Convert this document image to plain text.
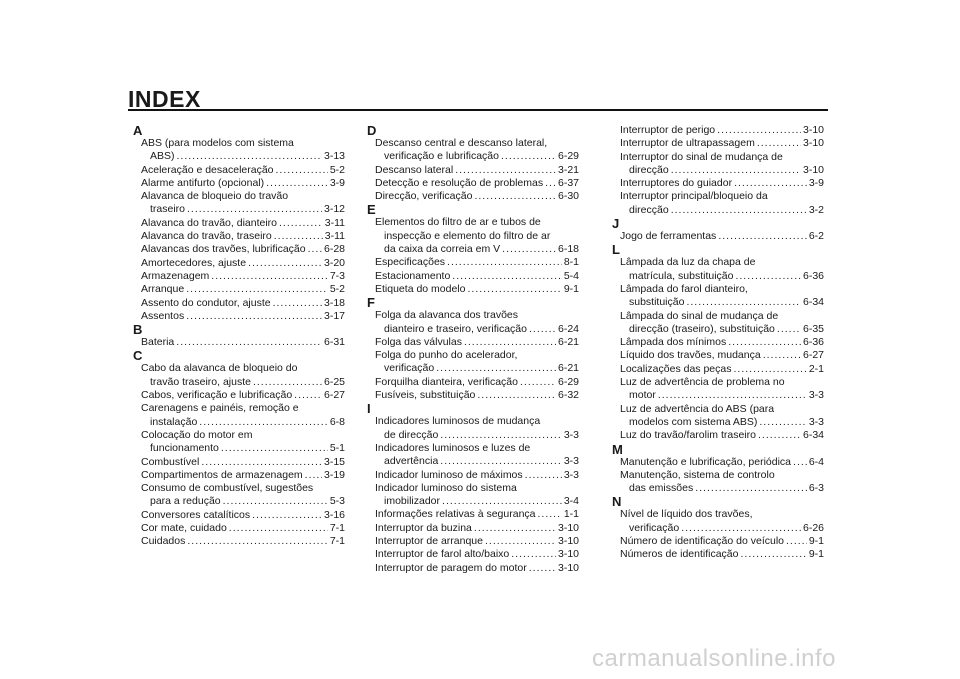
INDEX
A
ABS (para modelos com sistema
ABS) .....	3-13
Aceleração e desaceleração .....	5-2
Alarme antifurto (opcional) .....	3-9
Alavanca de bloqueio do travão
traseiro .....	3-12
Alavanca do travão, dianteiro .....	3-11
Alavanca do travão, traseiro .....	3-11
Alavancas dos travões, lubrificação ..... 6-28
Amortecedores, ajuste .....	3-20
Armazenagem .....	7-3
Arranque .....	5-2
Assento do condutor, ajuste .....	3-18
Assentos .....	3-17
B
Bateria .....	6-31
C
Cabo da alavanca de bloqueio do
travão traseiro, ajuste .....	6-25
Cabos, verificação e lubrificação .....	6-27
Carenagens e painéis, remoção e
instalação .....	6-8
Colocação do motor em
funcionamento .....	5-1
Combustível .....	3-15
Compartimentos de armazenagem ..... 3-19
Consumo de combustível, sugestões
para a redução .....	5-3
Conversores catalíticos .....	3-16
Cor mate, cuidado .....	7-1
Cuidados .....	7-1
D
Descanso central e descanso lateral,
verificação e lubrificação .....	6-29
Descanso lateral .....	3-21
Detecção e resolução de problemas ..... 6-37
Direcção, verificação .....	6-30
E
Elementos do filtro de ar e tubos de
inspecção e elemento do filtro de ar
da caixa da correia em V .....	6-18
Especificações .....	8-1
Estacionamento .....	5-4
Etiqueta do modelo .....	9-1
F
Folga da alavanca dos travões
dianteiro e traseiro, verificação .....	6-24
Folga das válvulas .....	6-21
Folga do punho do acelerador,
verificação .....	6-21
Forquilha dianteira, verificação .....	6-29
Fusíveis, substituição .....	6-32
I
Indicadores luminosos de mudança
de direcção .....	3-3
Indicadores luminosos e luzes de
advertência .....	3-3
Indicador luminoso de máximos .....	3-3
Indicador luminoso do sistema
imobilizador .....	3-4
Informações relativas à segurança .....	1-1
Interruptor da buzina .....	3-10
Interruptor de arranque .....	3-10
Interruptor de farol alto/baixo .....	3-10
Interruptor de paragem do motor .....	3-10
Interruptor de perigo .....	3-10
Interruptor de ultrapassagem .....	3-10
Interruptor do sinal de mudança de
direcção .....	3-10
Interruptores do guiador .....	3-9
Interruptor principal/bloqueio da
direcção .....	3-2
J
Jogo de ferramentas .....	6-2
L
Lâmpada da luz da chapa de
matrícula, substituição .....	6-36
Lâmpada do farol dianteiro,
substituição .....	6-34
Lâmpada do sinal de mudança de
direcção (traseiro), substituição .....	6-35
Lâmpada dos mínimos .....	6-36
Líquido dos travões, mudança .....	6-27
Localizações das peças .....	2-1
Luz de advertência de problema no
motor .....	3-3
Luz de advertência do ABS (para
modelos com sistema ABS) .....	3-3
Luz do travão/farolim traseiro .....	6-34
M
Manutenção e lubrificação, periódica ..... 6-4
Manutenção, sistema de controlo
das emissões .....	6-3
N
Nível de líquido dos travões,
verificação .....	6-26
Número de identificação do veículo ..... 9-1
Números de identificação .....	9-1
carmanualsonline.info
